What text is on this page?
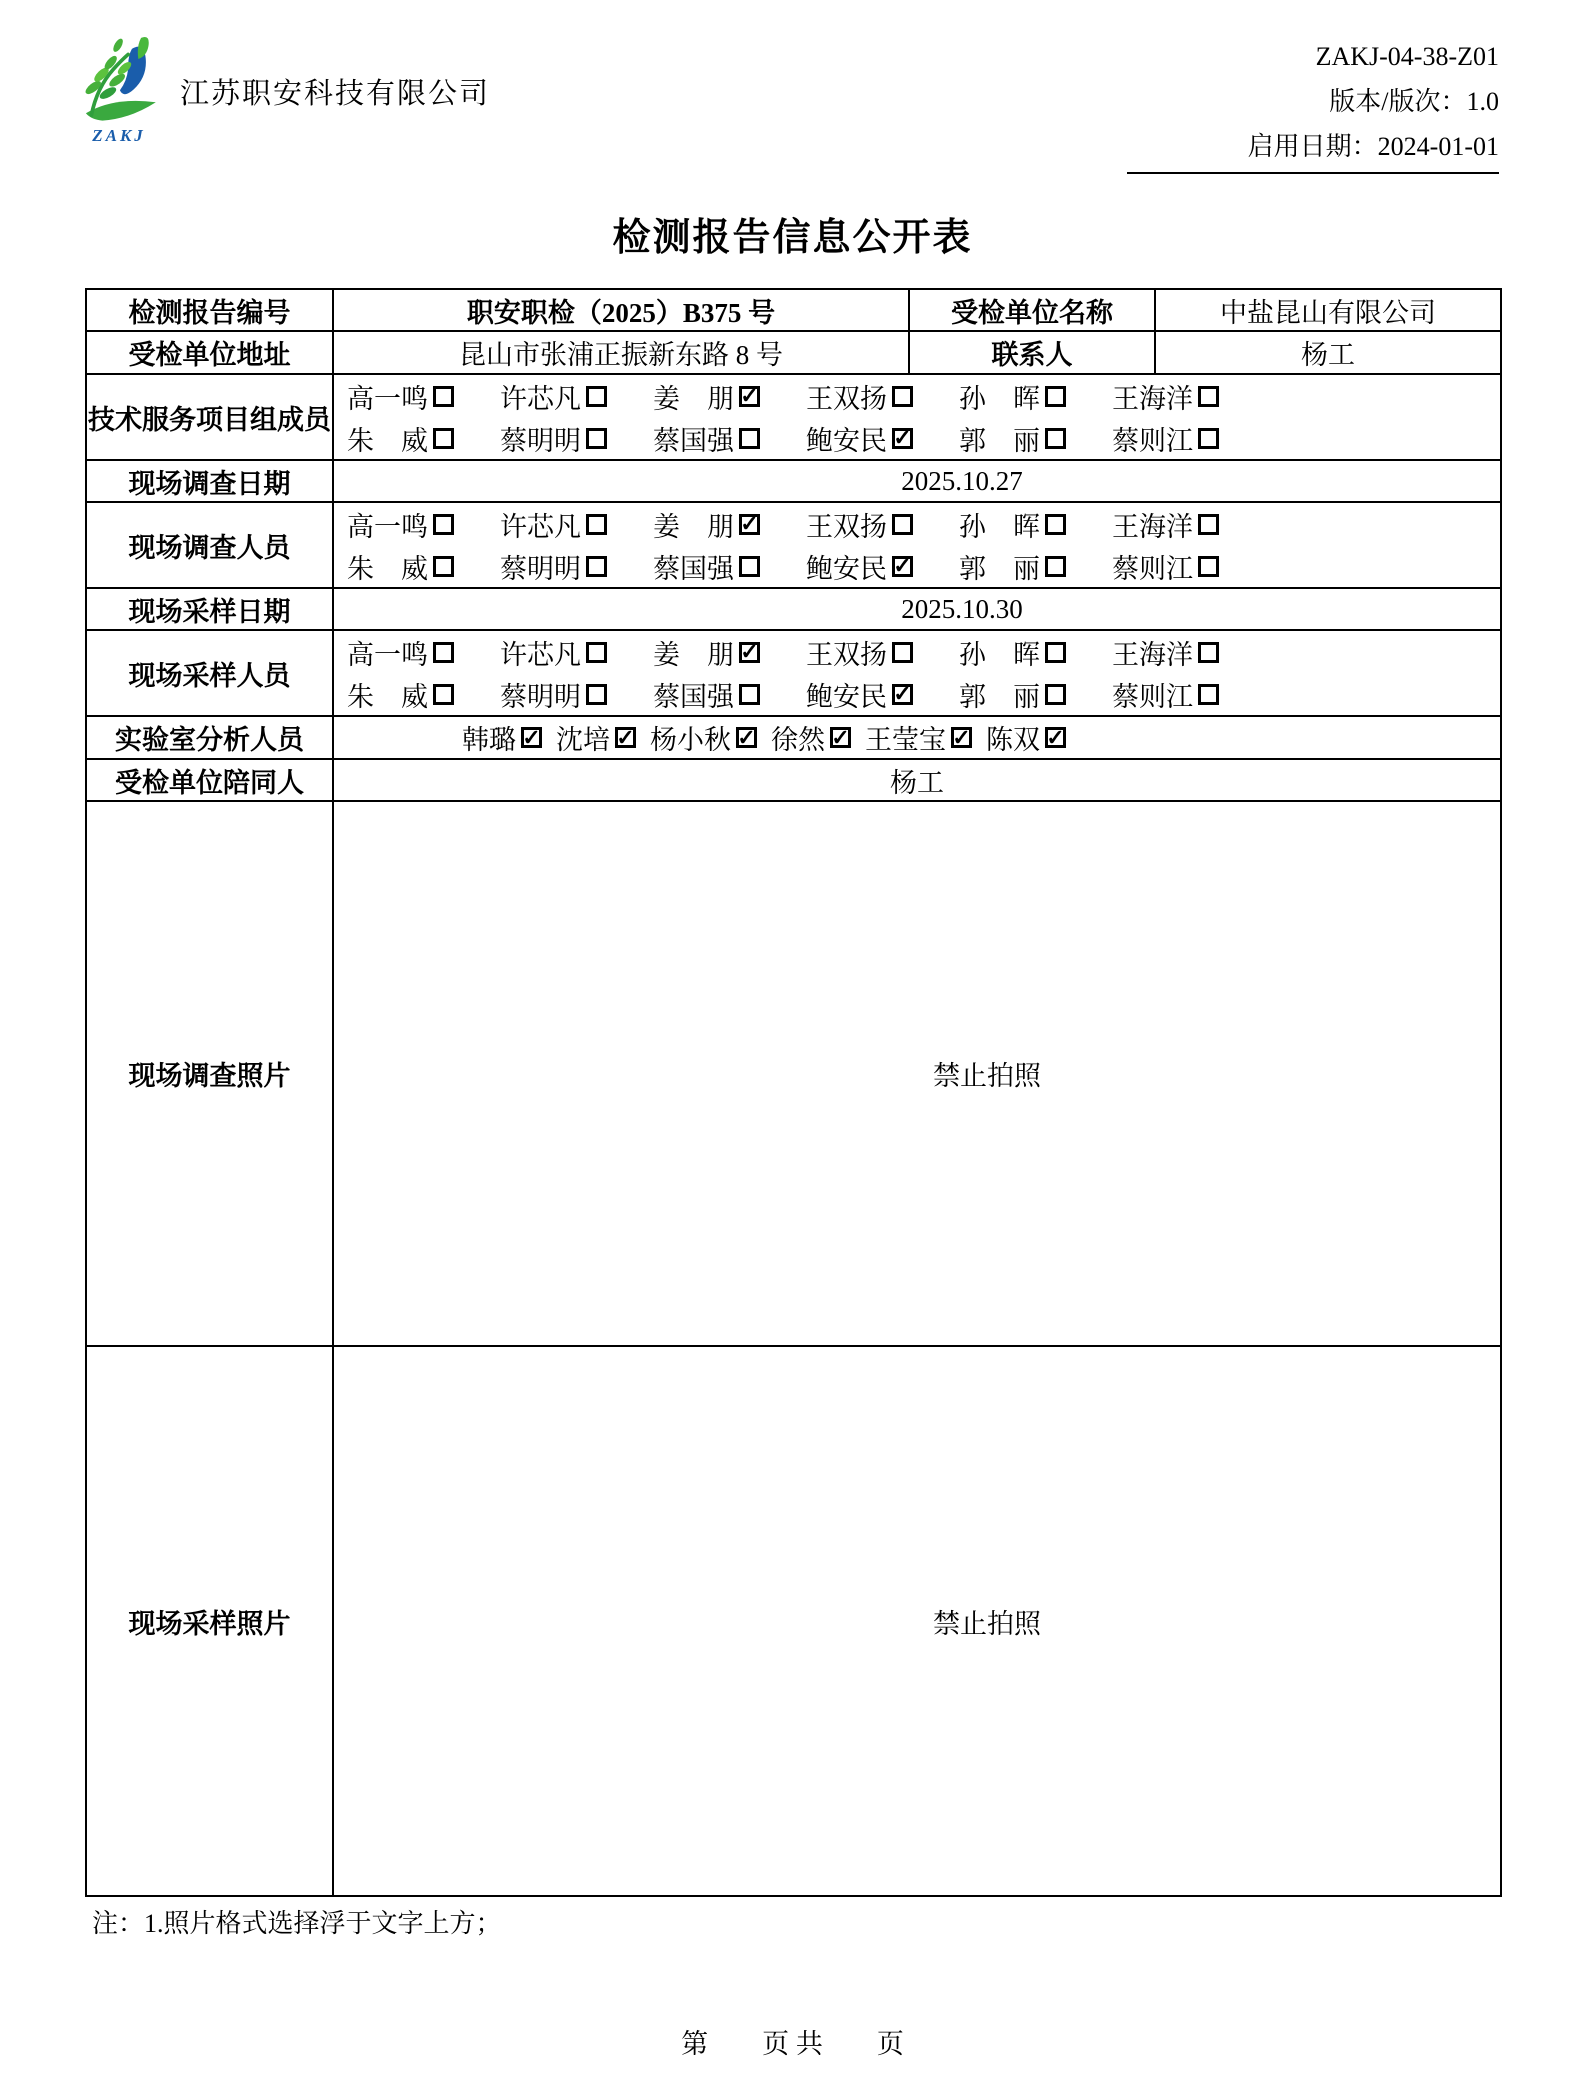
ZAKJ
江苏职安科技有限公司
ZAKJ-04-38-Z01
版本/版次：1.0
启用日期：2024-01-01
检测报告信息公开表
检测报告编号	职安职检（2025）B375 号	受检单位名称	中盐昆山有限公司
受检单位地址	昆山市张浦正振新东路 8 号	联系人	杨工
技术服务项目组成员	
高一鸣	许芯凡	姜　朋 ✓ 王双扬	孙　晖	王海洋
朱　威	蔡明明	蔡国强	鲍安民 ✓ 郭　丽	蔡则江

现场调查日期	2025.10.27		
现场调查人员	
高一鸣	许芯凡	姜　朋 ✓ 王双扬	孙　晖	王海洋
朱　威	蔡明明	蔡国强	鲍安民 ✓ 郭　丽	蔡则江

现场采样日期	2025.10.30		
现场采样人员	
高一鸣	许芯凡	姜　朋 ✓ 王双扬	孙　晖	王海洋
朱　威	蔡明明	蔡国强	鲍安民 ✓ 郭　丽	蔡则江

实验室分析人员	韩璐 ✓ 沈培 ✓ 杨小秋 ✓ 徐然 ✓ 王莹宝 ✓ 陈双 ✓

受检单位陪同人	杨工		
现场调查照片	禁止拍照		
现场采样照片	禁止拍照		
注：1.照片格式选择浮于文字上方；
第　　页 共　　页
